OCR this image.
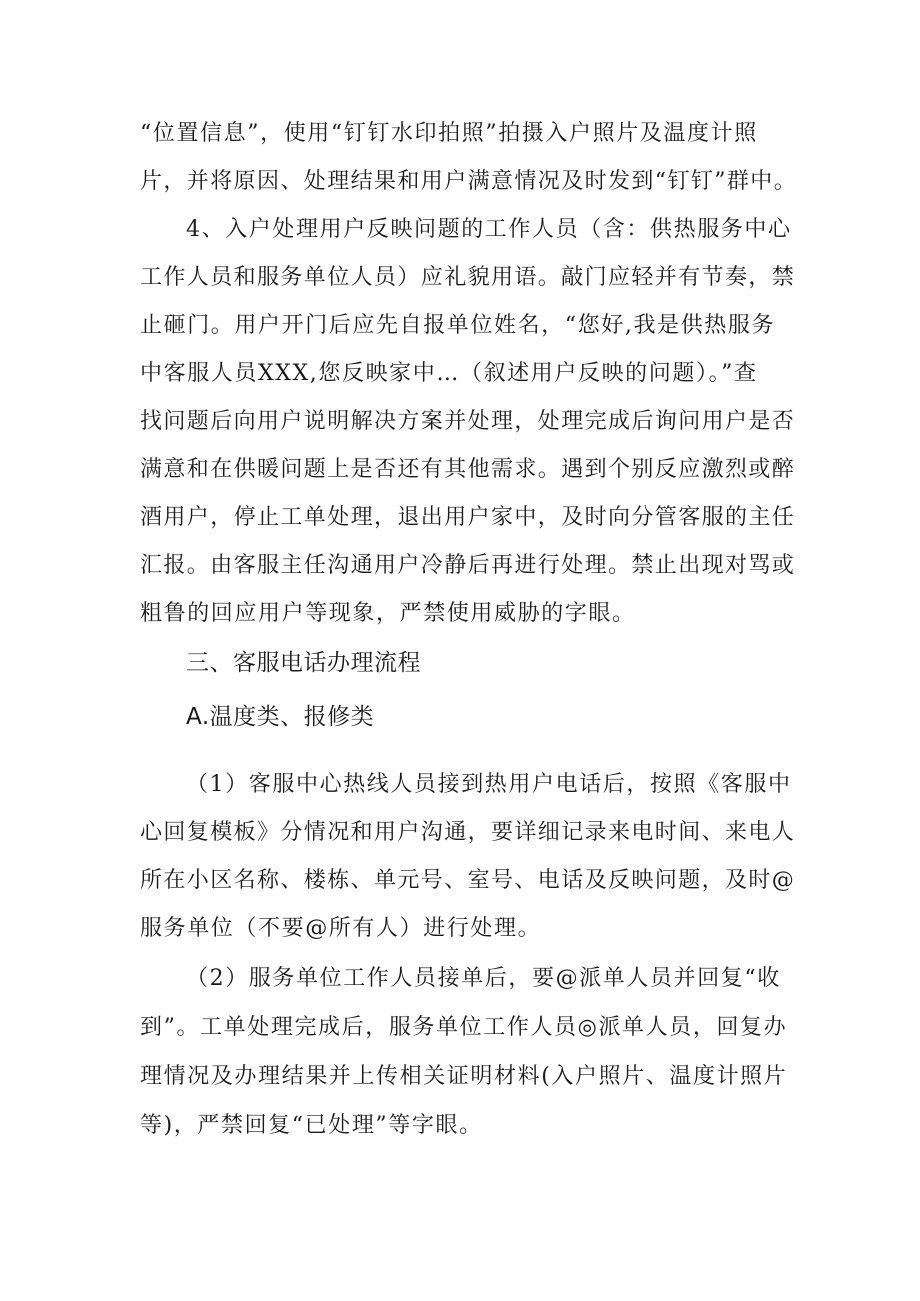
“位置信息”，使用“钉钉水印拍照”拍摄入户照片及温度计照
片，并将原因、处理结果和用户满意情况及时发到“钉钉”群中。
4、入户处理用户反映问题的工作人员（含：供热服务中心
工作人员和服务单位人员）应礼貌用语。敲门应轻并有节奏，禁
止砸门。用户开门后应先自报单位姓名，“您好,我是供热服务
中客服人员XXX,您反映家中…（叙述用户反映的问题）。”查
找问题后向用户说明解决方案并处理，处理完成后询问用户是否
满意和在供暖问题上是否还有其他需求。遇到个别反应激烈或醉
酒用户，停止工单处理，退出用户家中，及时向分管客服的主任
汇报。由客服主任沟通用户冷静后再进行处理。禁止出现对骂或
粗鲁的回应用户等现象，严禁使用威胁的字眼。
三、客服电话办理流程
A.温度类、报修类
（1）客服中心热线人员接到热用户电话后，按照《客服中
心回复模板》分情况和用户沟通，要详细记录来电时间、来电人
所在小区名称、楼栋、单元号、室号、电话及反映问题，及时@
服务单位（不要@所有人）进行处理。
（2）服务单位工作人员接单后，要@派单人员并回复“收
到”。工单处理完成后，服务单位工作人员◎派单人员，回复办
理情况及办理结果并上传相关证明材料(入户照片、温度计照片
等)，严禁回复“已处理”等字眼。
